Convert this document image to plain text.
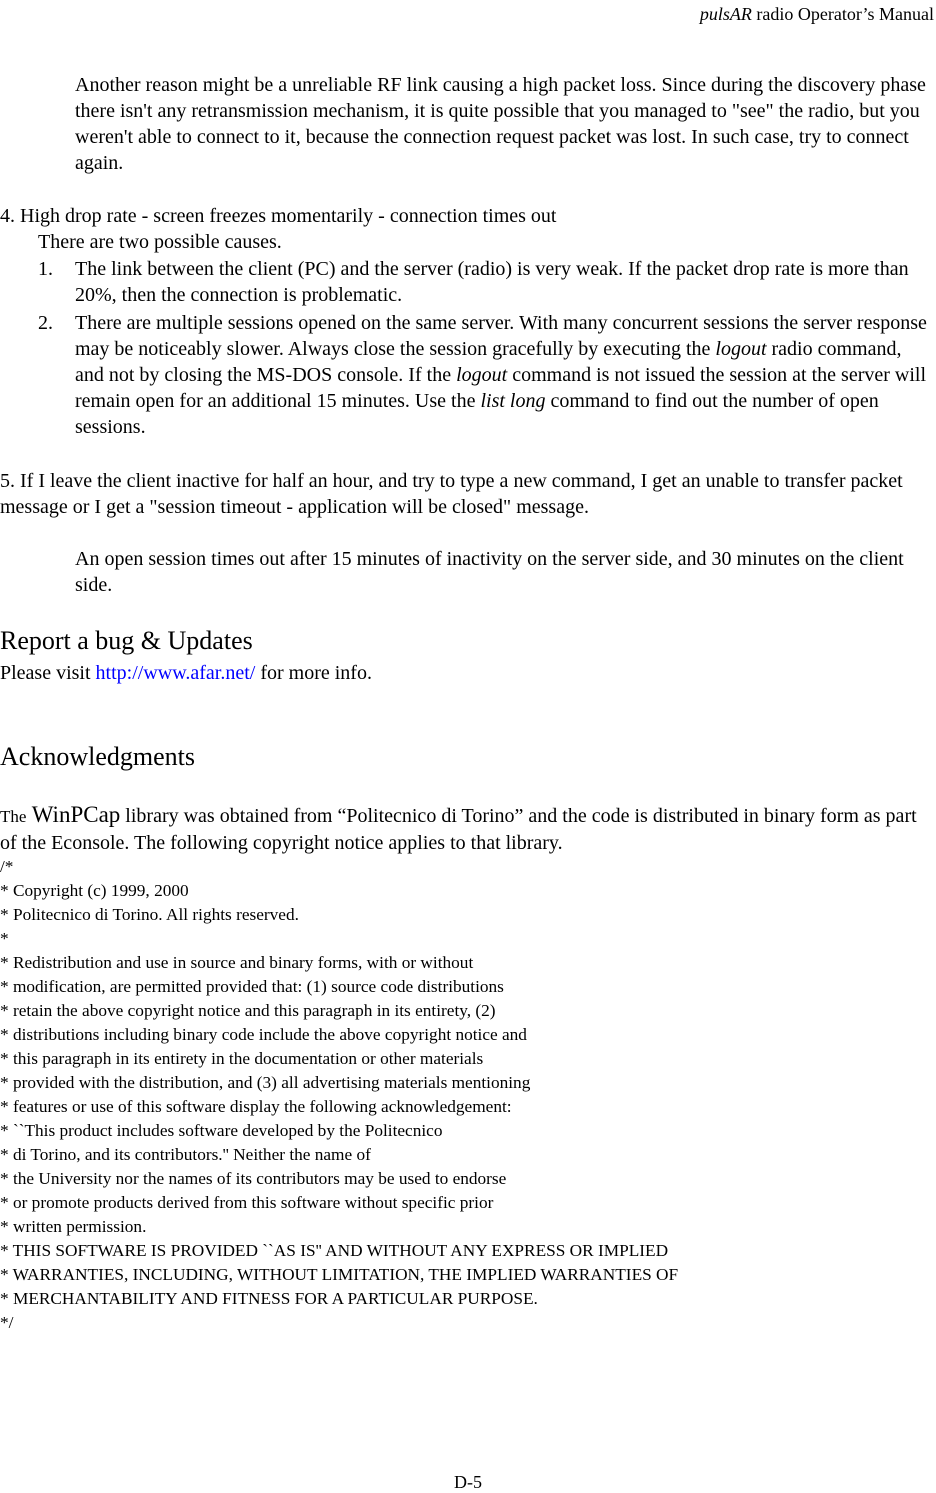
pulsAR radio Operator’s Manual
Another reason might be a unreliable RF link causing a high packet loss. Since during the discovery phase there isn't any retransmission mechanism, it is quite possible that you managed to "see" the radio, but you weren't able to connect to it, because the connection request packet was lost. In such case, try to connect again.
4. High drop rate - screen freezes momentarily - connection times out
There are two possible causes.
1. The link between the client (PC) and the server (radio) is very weak. If the packet drop rate is more than 20%, then the connection is problematic.
2. There are multiple sessions opened on the same server. With many concurrent sessions the server response may be noticeably slower. Always close the session gracefully by executing the logout radio command, and not by closing the MS-DOS console. If the logout command is not issued the session at the server will remain open for an additional 15 minutes. Use the list long command to find out the number of open sessions.
5. If I leave the client inactive for half an hour, and try to type a new command, I get an unable to transfer packet message or I get a "session timeout - application will be closed" message.
An open session times out after 15 minutes of inactivity on the server side, and 30 minutes on the client side.
Report a bug & Updates
Please visit http://www.afar.net/ for more info.
Acknowledgments
The WinPCap library was obtained from “Politecnico di Torino” and the code is distributed in binary form as part of the Econsole. The following copyright notice applies to that library.
/*
* Copyright (c) 1999, 2000
* Politecnico di Torino. All rights reserved.
*
* Redistribution and use in source and binary forms, with or without
* modification, are permitted provided that: (1) source code distributions
* retain the above copyright notice and this paragraph in its entirety, (2)
* distributions including binary code include the above copyright notice and
* this paragraph in its entirety in the documentation or other materials
* provided with the distribution, and (3) all advertising materials mentioning
* features or use of this software display the following acknowledgement:
* ``This product includes software developed by the Politecnico
* di Torino, and its contributors.'' Neither the name of
* the University nor the names of its contributors may be used to endorse
* or promote products derived from this software without specific prior
* written permission.
* THIS SOFTWARE IS PROVIDED ``AS IS'' AND WITHOUT ANY EXPRESS OR IMPLIED
* WARRANTIES, INCLUDING, WITHOUT LIMITATION, THE IMPLIED WARRANTIES OF
* MERCHANTABILITY AND FITNESS FOR A PARTICULAR PURPOSE.
*/
D-5
